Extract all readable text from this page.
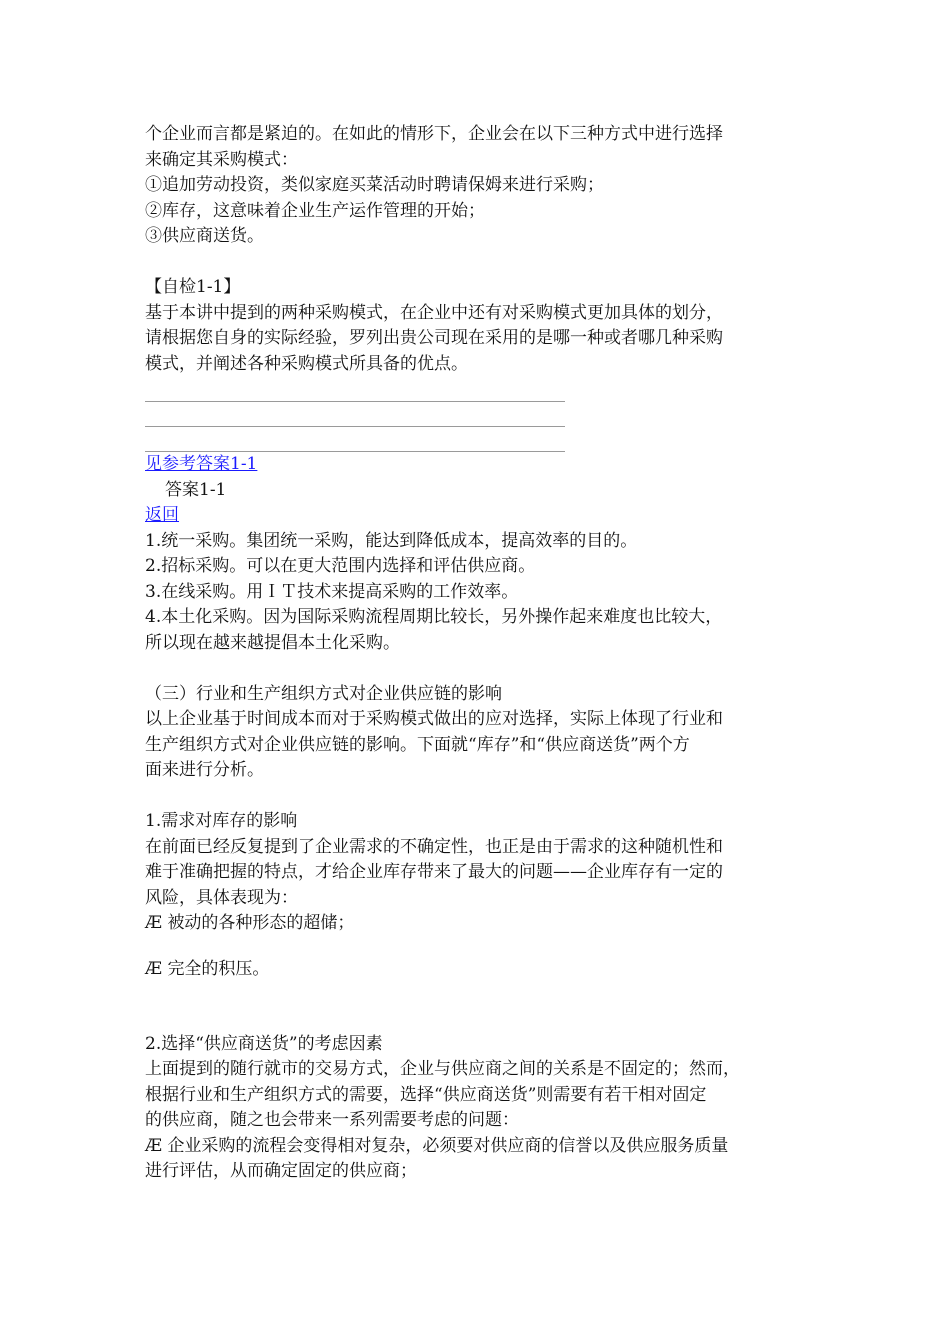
个企业而言都是紧迫的。在如此的情形下，企业会在以下三种方式中进行选择

来确定其采购模式：

①追加劳动投资，类似家庭买菜活动时聘请保姆来进行采购；

②库存，这意味着企业生产运作管理的开始；

③供应商送货。

【自检1-1】

基于本讲中提到的两种采购模式，在企业中还有对采购模式更加具体的划分，

请根据您自身的实际经验，罗列出贵公司现在采用的是哪一种或者哪几种采购

模式，并阐述各种采购模式所具备的优点。

见参考答案1-1

答案1-1

返回

1.统一采购。集团统一采购，能达到降低成本，提高效率的目的。

2.招标采购。可以在更大范围内选择和评估供应商。

3.在线采购。用ＩＴ技术来提高采购的工作效率。

4.本土化采购。因为国际采购流程周期比较长，另外操作起来难度也比较大，

所以现在越来越提倡本土化采购。

（三）行业和生产组织方式对企业供应链的影响

以上企业基于时间成本而对于采购模式做出的应对选择，实际上体现了行业和

生产组织方式对企业供应链的影响。下面就“库存”和“供应商送货”两个方

面来进行分析。

1.需求对库存的影响

在前面已经反复提到了企业需求的不确定性，也正是由于需求的这种随机性和

难于准确把握的特点，才给企业库存带来了最大的问题——企业库存有一定的

风险，具体表现为：

Æ 被动的各种形态的超储；

Æ 完全的积压。

2.选择“供应商送货”的考虑因素

上面提到的随行就市的交易方式，企业与供应商之间的关系是不固定的；然而，

根据行业和生产组织方式的需要，选择“供应商送货”则需要有若干相对固定

的供应商，随之也会带来一系列需要考虑的问题：

Æ 企业采购的流程会变得相对复杂，必须要对供应商的信誉以及供应服务质量

进行评估，从而确定固定的供应商；
